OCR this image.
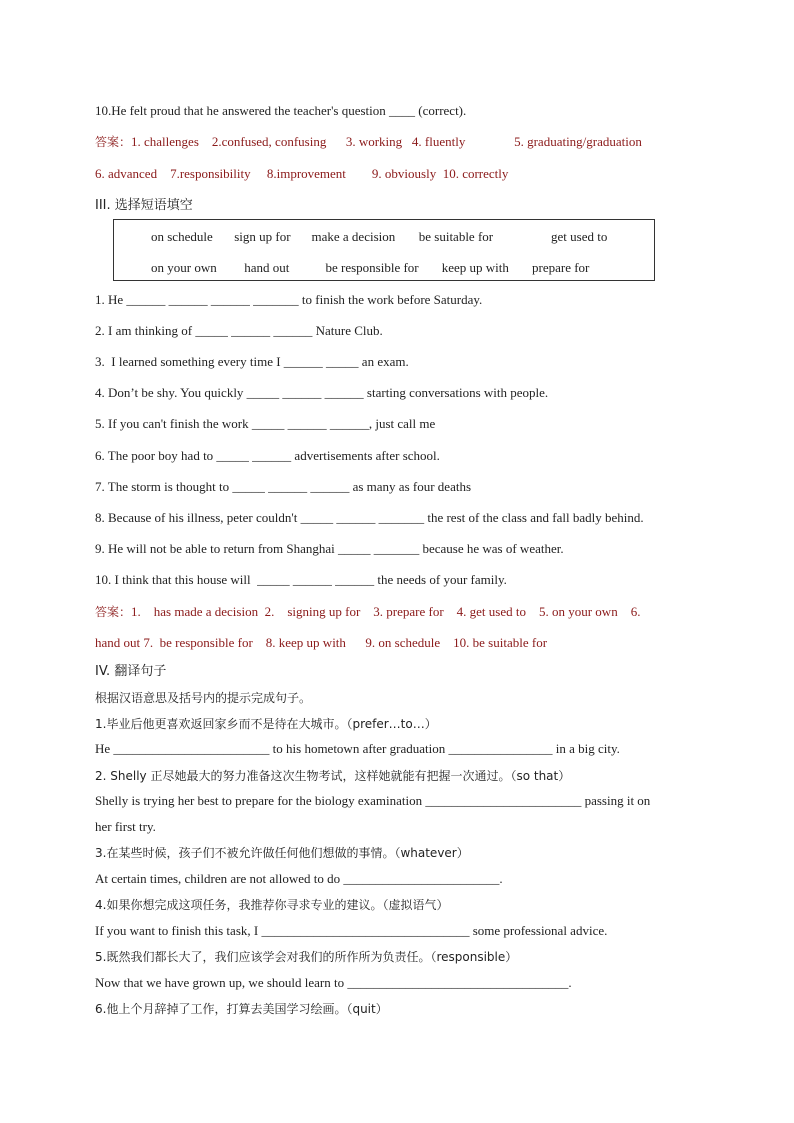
10.He felt proud that he answered the teacher's question ____ (correct).
答案：1. challenges    2.confused, confusing      3. working   4. fluently               5. graduating/graduation
6. advanced    7.responsibility     8.improvement        9. obviously  10. correctly
III. 选择短语填空
on schedule sign up for make a decision be suitable for	get used to
on your own hand out	be responsible for keep up with prepare for
1. He ______ ______ ______ _______ to finish the work before Saturday.
2. I am thinking of _____ ______ ______ Nature Club.
3.  I learned something every time I ______ _____ an exam.
4. Don’t be shy. You quickly _____ ______ ______ starting conversations with people.
5. If you can't finish the work _____ ______ ______, just call me
6. The poor boy had to _____ ______ advertisements after school.
7. The storm is thought to _____ ______ ______ as many as four deaths
8. Because of his illness, peter couldn't _____ ______ _______ the rest of the class and fall badly behind.
9. He will not be able to return from Shanghai _____ _______ because he was of weather.
10. I think that this house will  _____ ______ ______ the needs of your family.
答案：1.    has made a decision  2.    signing up for    3. prepare for    4. get used to    5. on your own    6.
hand out 7.  be responsible for    8. keep up with      9. on schedule    10. be suitable for
IV. 翻译句子
根据汉语意思及括号内的提示完成句子。
1.毕业后他更喜欢返回家乡而不是待在大城市。（prefer…to…）
He ________________________ to his hometown after graduation ________________ in a big city.
2. Shelly 正尽她最大的努力准备这次生物考试，这样她就能有把握一次通过。（so that）
Shelly is trying her best to prepare for the biology examination ________________________ passing it on
her first try.
3.在某些时候，孩子们不被允许做任何他们想做的事情。（whatever）
At certain times, children are not allowed to do ________________________.
4.如果你想完成这项任务，我推荐你寻求专业的建议。（虚拟语气）
If you want to finish this task, I ________________________________ some professional advice.
5.既然我们都长大了，我们应该学会对我们的所作所为负责任。（responsible）
Now that we have grown up, we should learn to __________________________________.
6.他上个月辞掉了工作，打算去美国学习绘画。（quit）
